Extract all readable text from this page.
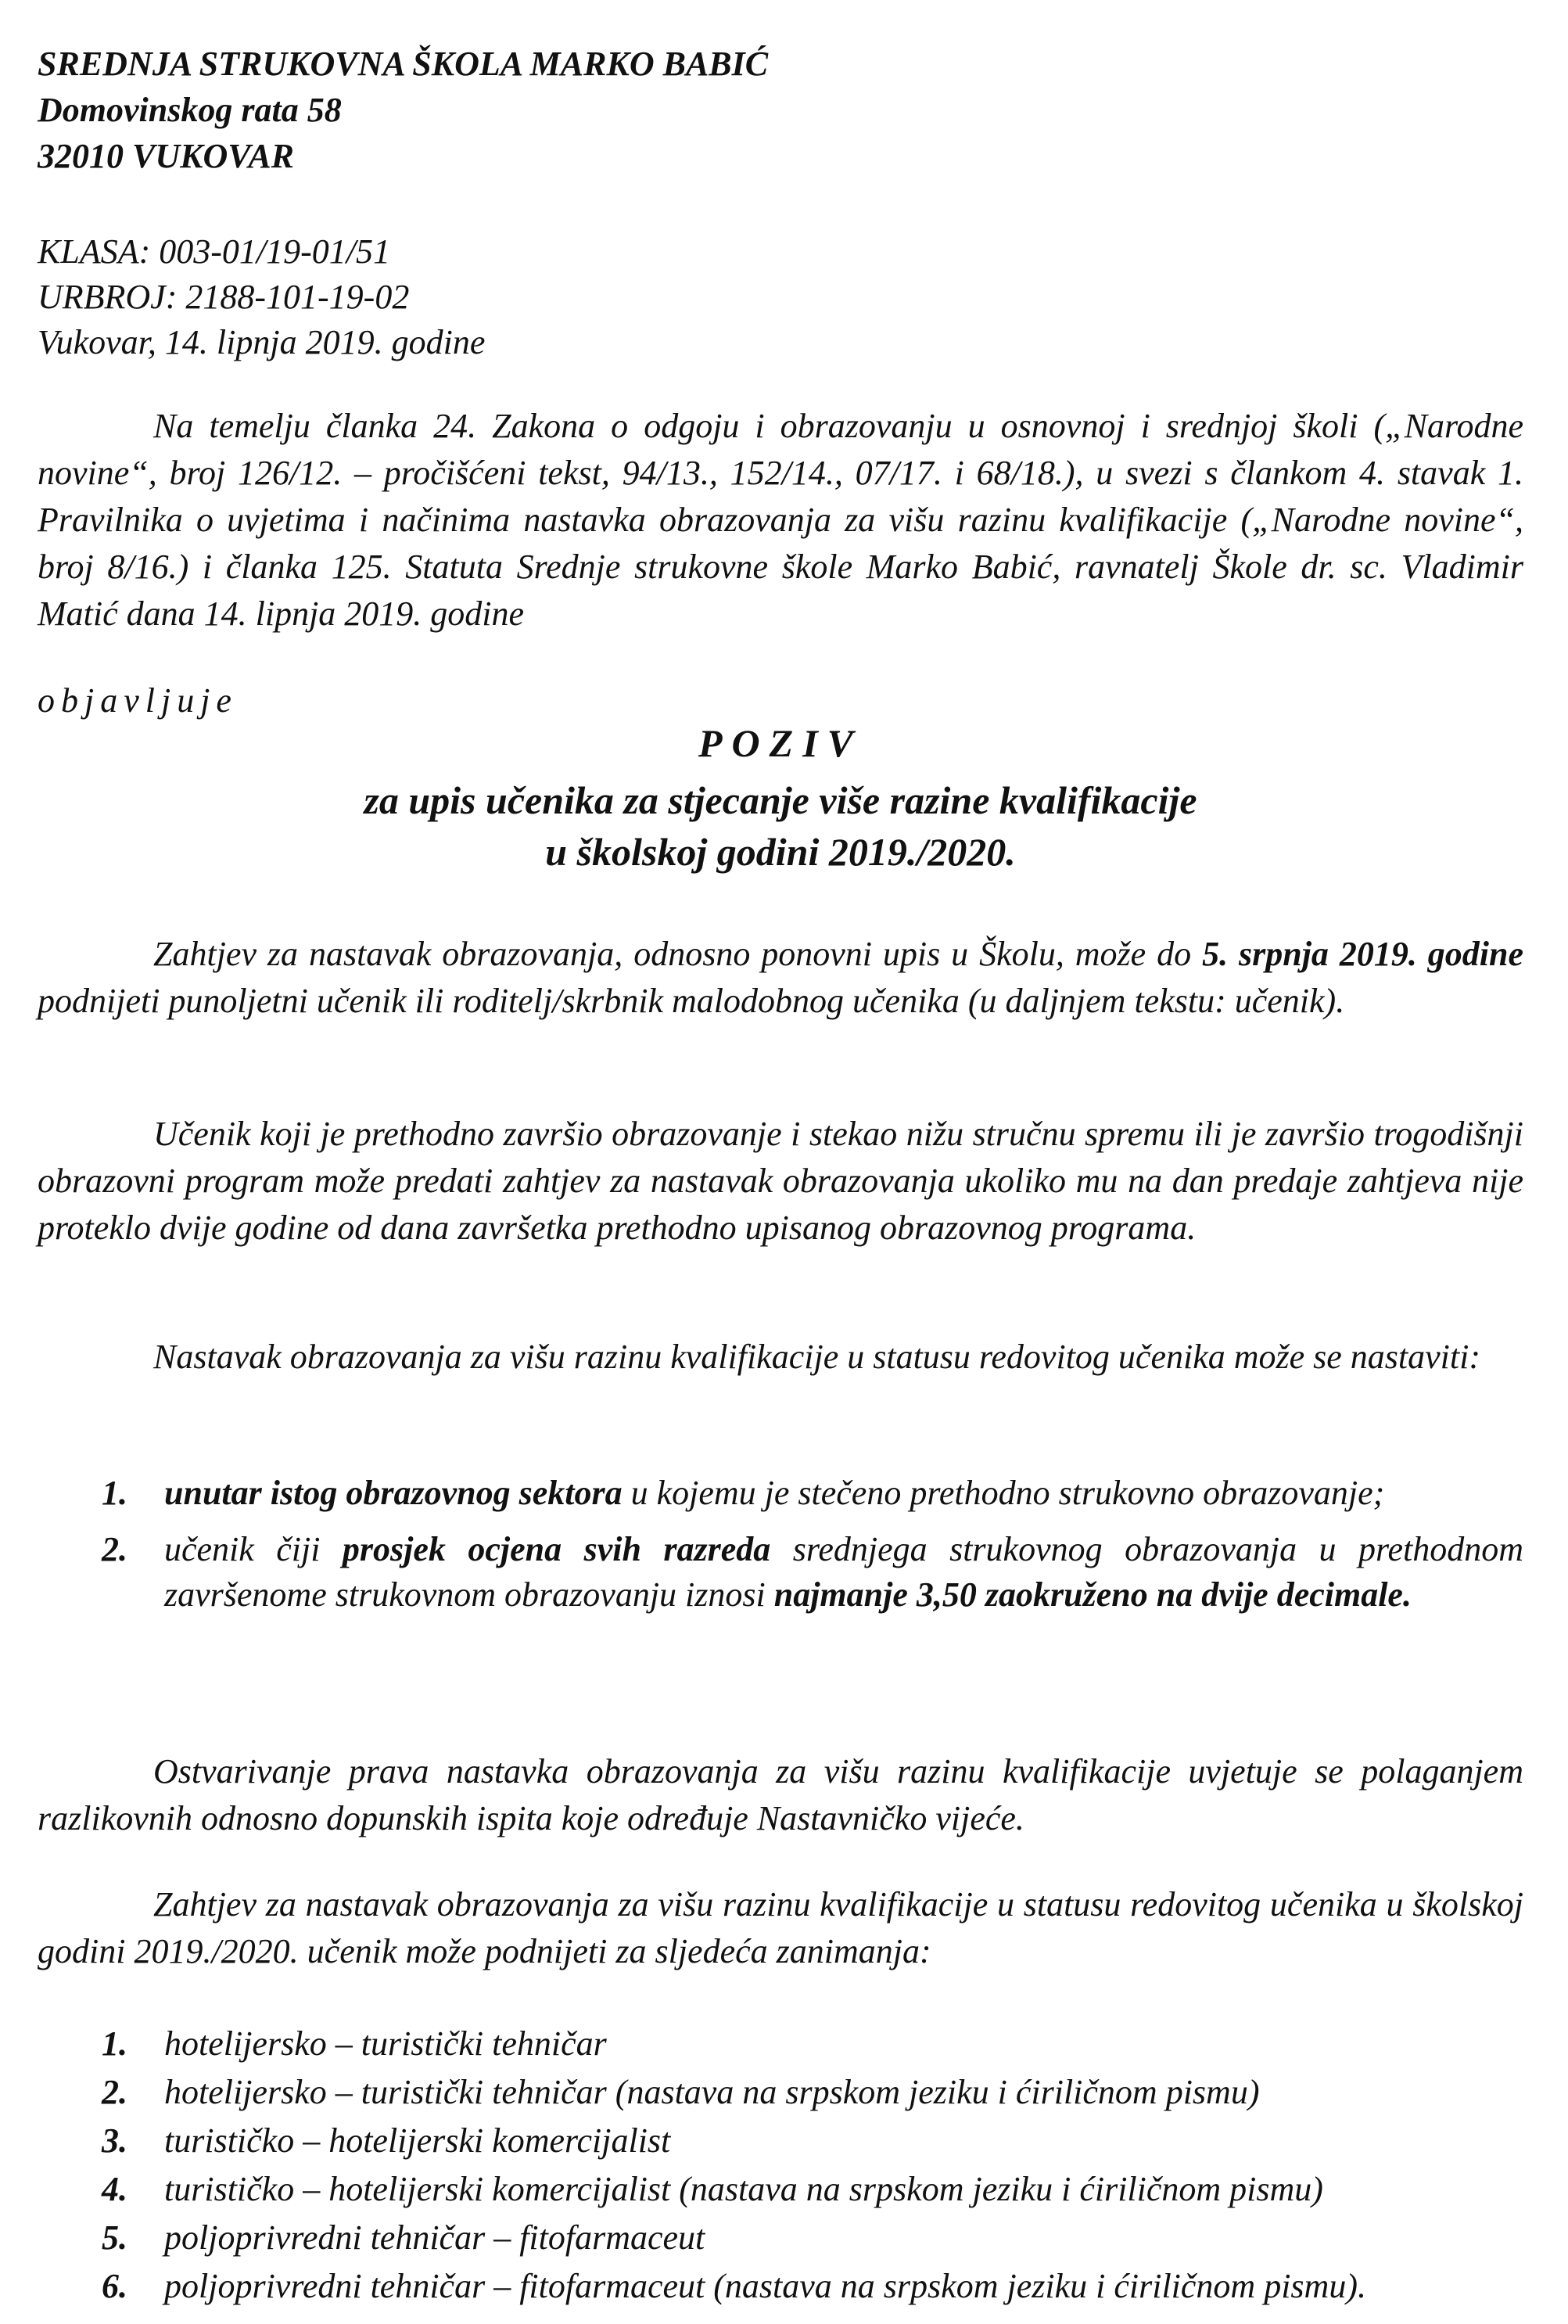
SREDNJA STRUKOVNA ŠKOLA MARKO BABIĆ
Domovinskog rata 58
32010 VUKOVAR
KLASA: 003-01/19-01/51
URBROJ: 2188-101-19-02
Vukovar, 14. lipnja 2019. godine
Na temelju članka 24. Zakona o odgoju i obrazovanju u osnovnoj i srednjoj školi („Narodne novine“, broj 126/12. – pročišćeni tekst, 94/13., 152/14., 07/17. i 68/18.), u svezi s člankom 4. stavak 1. Pravilnika o uvjetima i načinima nastavka obrazovanja za višu razinu kvalifikacije („Narodne novine“, broj 8/16.) i članka 125. Statuta Srednje strukovne škole Marko Babić, ravnatelj Škole dr. sc. Vladimir Matić dana 14. lipnja 2019. godine
objavljuje
POZIV
za upis učenika za stjecanje više razine kvalifikacije
u školskoj godini 2019./2020.
Zahtjev za nastavak obrazovanja, odnosno ponovni upis u Školu, može do 5. srpnja 2019. godine podnijeti punoljetni učenik ili roditelj/skrbnik malodobnog učenika (u daljnjem tekstu: učenik).
Učenik koji je prethodno završio obrazovanje i stekao nižu stručnu spremu ili je završio trogodišnji obrazovni program može predati zahtjev za nastavak obrazovanja ukoliko mu na dan predaje zahtjeva nije proteklo dvije godine od dana završetka prethodno upisanog obrazovnog programa.
Nastavak obrazovanja za višu razinu kvalifikacije u statusu redovitog učenika može se nastaviti:
1. unutar istog obrazovnog sektora u kojemu je stečeno prethodno strukovno obrazovanje;
2. učenik čiji prosjek ocjena svih razreda srednjega strukovnog obrazovanja u prethodnom završenome strukovnom obrazovanju iznosi najmanje 3,50 zaokruženo na dvije decimale.
Ostvarivanje prava nastavka obrazovanja za višu razinu kvalifikacije uvjetuje se polaganjem razlikovnih odnosno dopunskih ispita koje određuje Nastavničko vijeće.
Zahtjev za nastavak obrazovanja za višu razinu kvalifikacije u statusu redovitog učenika u školskoj godini 2019./2020. učenik može podnijeti za sljedeća zanimanja:
1. hotelijersko – turistički tehničar
2. hotelijersko – turistički tehničar (nastava na srpskom jeziku i ćiriličnom pismu)
3. turističko – hotelijerski komercijalist
4. turističko – hotelijerski komercijalist (nastava na srpskom jeziku i ćiriličnom pismu)
5. poljoprivredni tehničar – fitofarmaceut
6. poljoprivredni tehničar – fitofarmaceut (nastava na srpskom jeziku i ćiriličnom pismu).
